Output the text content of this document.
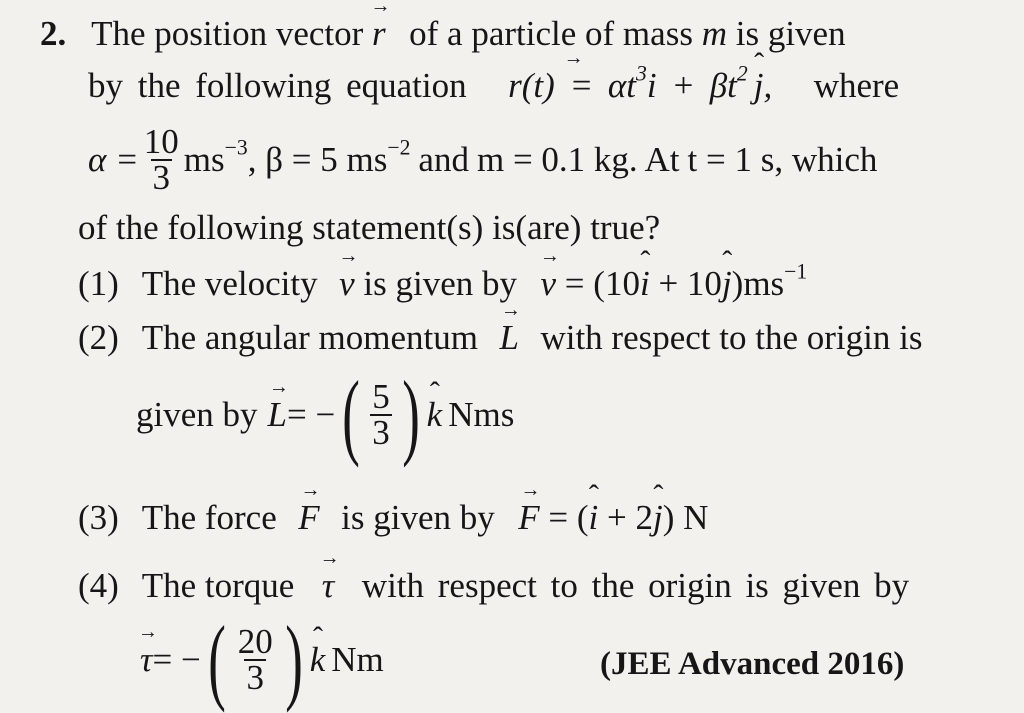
2. The position vector → r of a particle of mass m is given
by the following equation  → $r(t) = \alpha t^3i$ + $\beta t^2ˆ$ j, where
$\alpha = \frac{10}{3} ms^{-3}$ , β = 5 $ms^{-2}$ and m = 0.1 kg. At t = 1 s, which
of the following statement(s) is(are) true?
(1) The velocity  → v is given by  → v = (10ˆ i + 10ˆ $j)ms^{-1}$
(2) The angular momentum  → L with respect to the origin is
given by
→ L = − ( $\frac{5}{3}$ )
ˆ k Nms
(3) The force  → F is given by  → F = (ˆ i + 2ˆ j) N
(4) The torque  → τ with respect to the origin is given by
→ τ = − ( $\frac{20}{3}$ )
ˆ k Nm	(JEE Advanced 2016)
